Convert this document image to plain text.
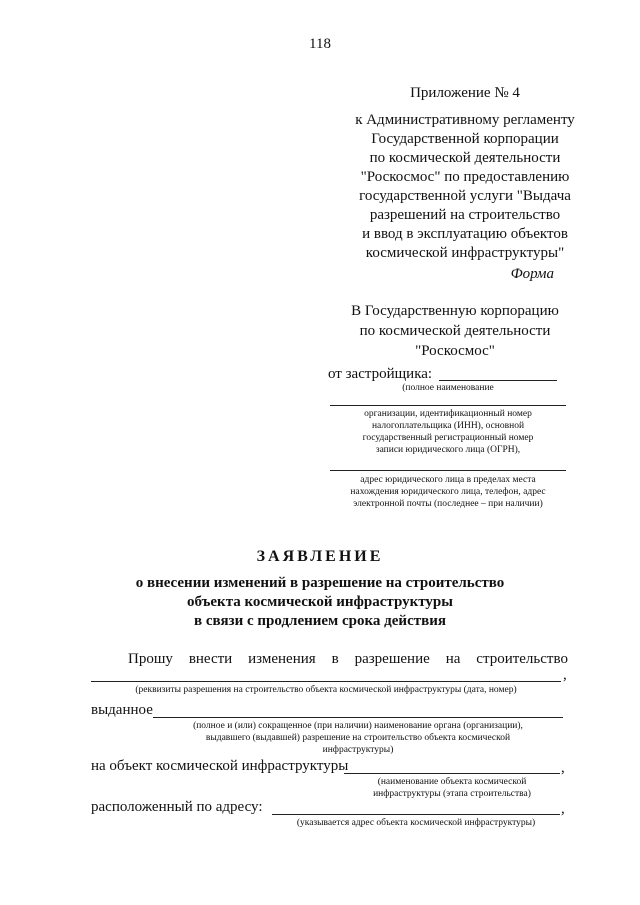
118
Приложение № 4
к Административному регламенту
Государственной корпорации
по космической деятельности
"Роскосмос" по предоставлению
государственной услуги "Выдача
разрешений на строительство
и ввод в эксплуатацию объектов
космической инфраструктуры"
Форма
В Государственную корпорацию
по космической деятельности
"Роскосмос"
от застройщика:
(полное наименование
организации, идентификационный номер
налогоплательщика (ИНН), основной
государственный регистрационный номер
записи юридического лица (ОГРН),
адрес юридического лица в пределах места
нахождения юридического лица, телефон, адрес
электронной почты (последнее – при наличии)
ЗАЯВЛЕНИЕ
о внесении изменений в разрешение на строительство
объекта космической инфраструктуры
в связи с продлением срока действия
Прошу внести изменения в разрешение на строительство
,
(реквизиты разрешения на строительство объекта космической инфраструктуры (дата, номер)
выданное
(полное и (или) сокращенное (при наличии) наименование органа (организации),
выдавшего (выдавшей) разрешение на строительство объекта космической
инфраструктуры)
на объект космической инфраструктуры	,
(наименование объекта космической
инфраструктуры (этапа строительства)
расположенный по адресу:	,
(указывается адрес объекта космической инфраструктуры)
